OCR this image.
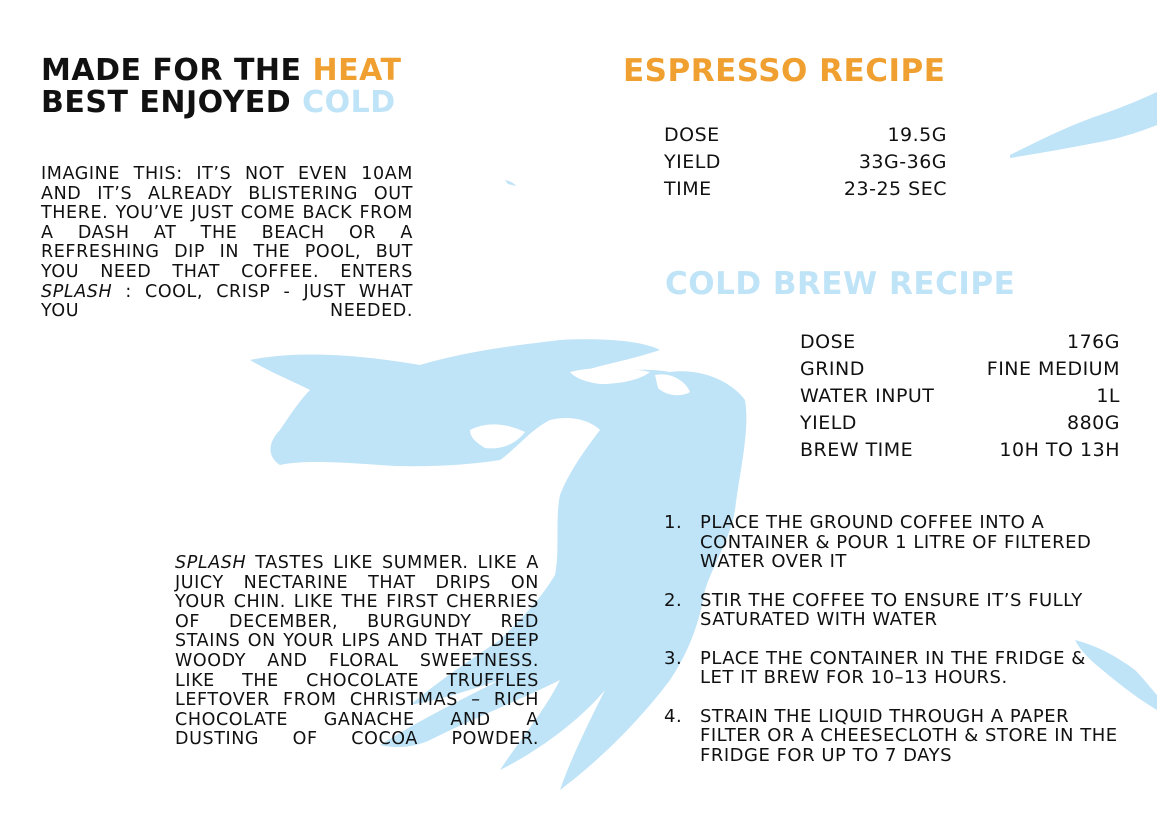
MADE FOR THE HEAT
BEST ENJOYED COLD
IMAGINE THIS: IT’S NOT EVEN 10AM AND IT’S ALREADY BLISTERING OUT THERE. YOU’VE JUST COME BACK FROM A DASH AT THE BEACH OR A REFRESHING DIP IN THE POOL, BUT YOU NEED THAT COFFEE. ENTERS SPLASH : COOL, CRISP - JUST WHAT YOU NEEDED.
SPLASH TASTES LIKE SUMMER. LIKE A JUICY NECTARINE THAT DRIPS ON YOUR CHIN. LIKE THE FIRST CHERRIES OF DECEMBER, BURGUNDY RED STAINS ON YOUR LIPS AND THAT DEEP WOODY AND FLORAL SWEETNESS. LIKE THE CHOCOLATE TRUFFLES LEFTOVER FROM CHRISTMAS – RICH CHOCOLATE GANACHE AND A DUSTING OF COCOA POWDER.
ESPRESSO RECIPE
DOSE	19.5G
YIELD	33G-36G
TIME	23-25 SEC
COLD BREW RECIPE
DOSE	176G
GRIND	FINE MEDIUM
WATER INPUT	1L
YIELD	880G
BREW TIME	10H TO 13H
1. PLACE THE GROUND COFFEE INTO A CONTAINER & POUR 1 LITRE OF FILTERED WATER OVER IT
2. STIR THE COFFEE TO ENSURE IT’S FULLY SATURATED WITH WATER
3. PLACE THE CONTAINER IN THE FRIDGE & LET IT BREW FOR 10–13 HOURS.
4. STRAIN THE LIQUID THROUGH A PAPER FILTER OR A CHEESECLOTH & STORE IN THE FRIDGE FOR UP TO 7 DAYS
